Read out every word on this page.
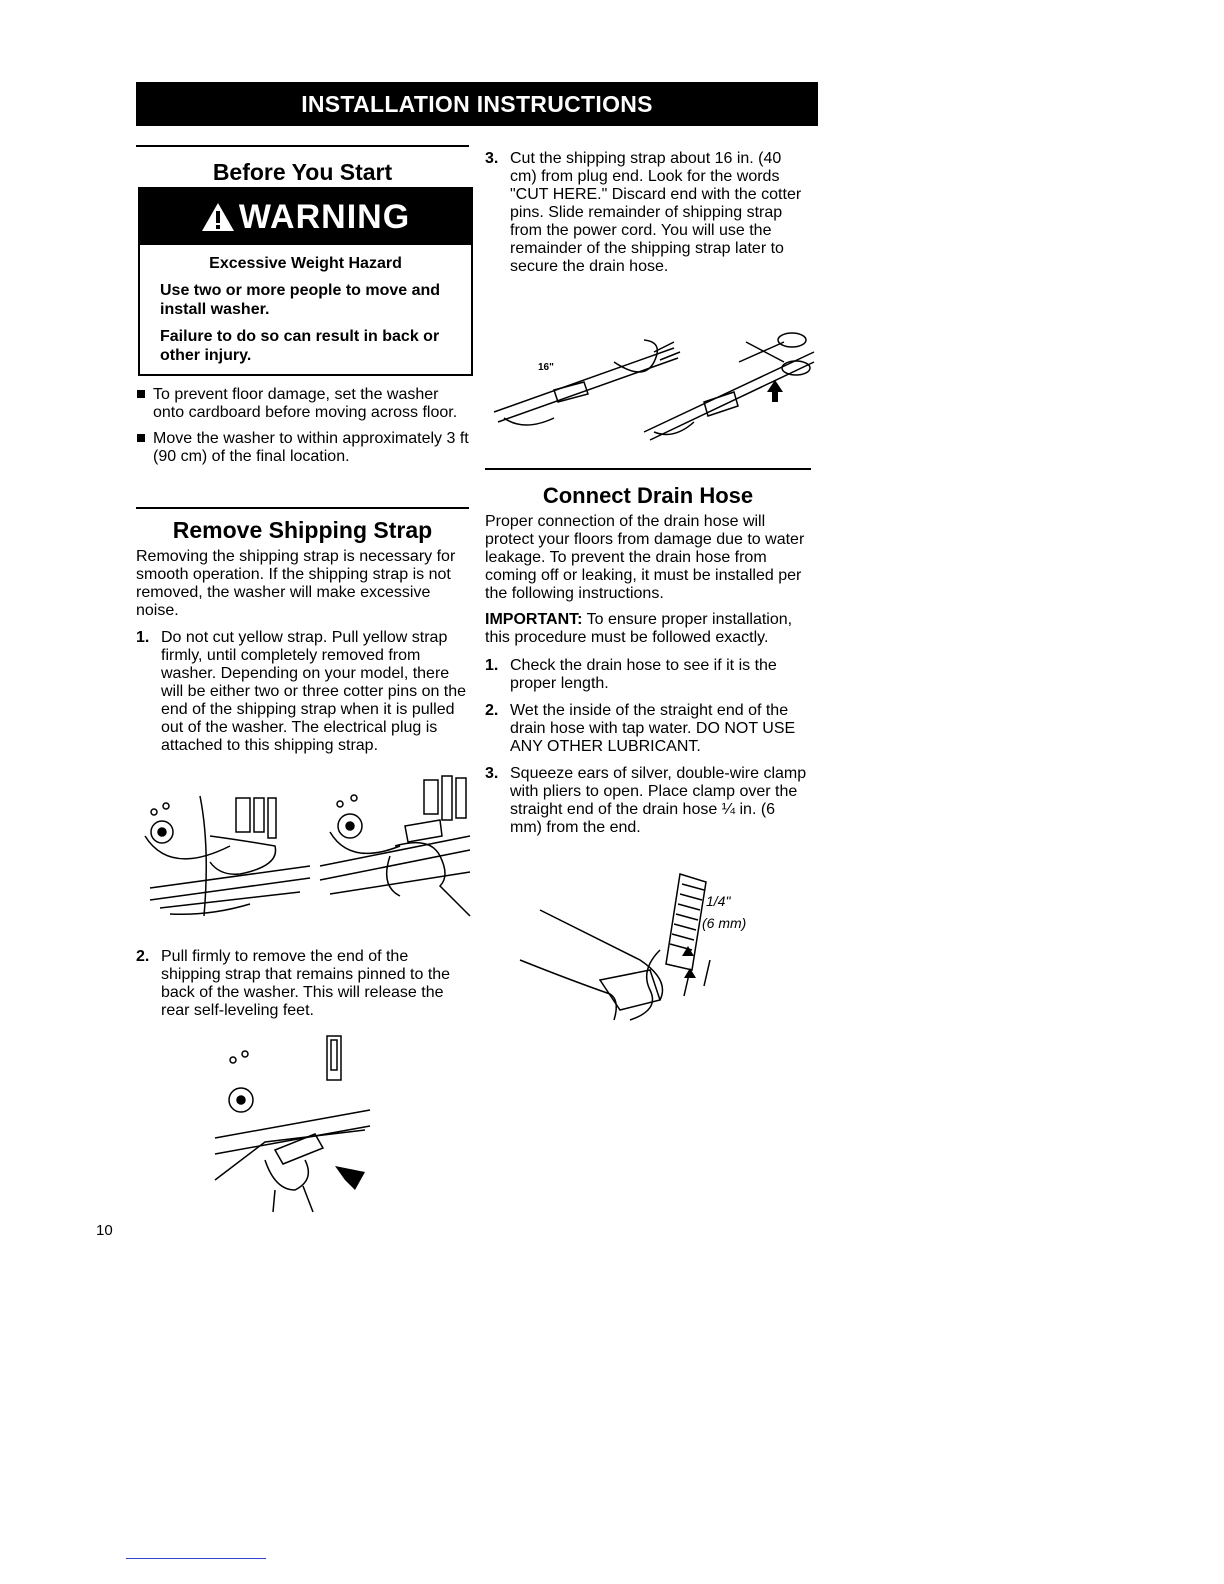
INSTALLATION INSTRUCTIONS
Before You Start
WARNING
Excessive Weight Hazard
Use two or more people to move and install washer.
Failure to do so can result in back or other injury.
To prevent floor damage, set the washer onto cardboard before moving across floor.
Move the washer to within approximately 3 ft (90 cm) of the final location.
Remove Shipping Strap

Removing the shipping strap is necessary for smooth operation. If the shipping strap is not removed, the washer will make excessive noise.

1. Do not cut yellow strap. Pull yellow strap firmly, until completely removed from washer. Depending on your model, there will be either two or three cotter pins on the end of the shipping strap when it is pulled out of the washer. The electrical plug is attached to this shipping strap.
2. Pull firmly to remove the end of the shipping strap that remains pinned to the back of the washer. This will release the rear self-leveling feet.
3. Cut the shipping strap about 16 in. (40 cm) from plug end. Look for the words "CUT HERE." Discard end with the cotter pins. Slide remainder of shipping strap from the power cord. You will use the remainder of the shipping strap later to secure the drain hose.
16"
Connect Drain Hose

Proper connection of the drain hose will protect your floors from damage due to water leakage. To prevent the drain hose from coming off or leaking, it must be installed per the following instructions.

IMPORTANT: To ensure proper installation, this procedure must be followed exactly.

1. Check the drain hose to see if it is the proper length.
2. Wet the inside of the straight end of the drain hose with tap water. DO NOT USE ANY OTHER LUBRICANT.
3. Squeeze ears of silver, double-wire clamp with pliers to open. Place clamp over the straight end of the drain hose ¼ in. (6 mm) from the end.
1/4"
(6 mm)
10
